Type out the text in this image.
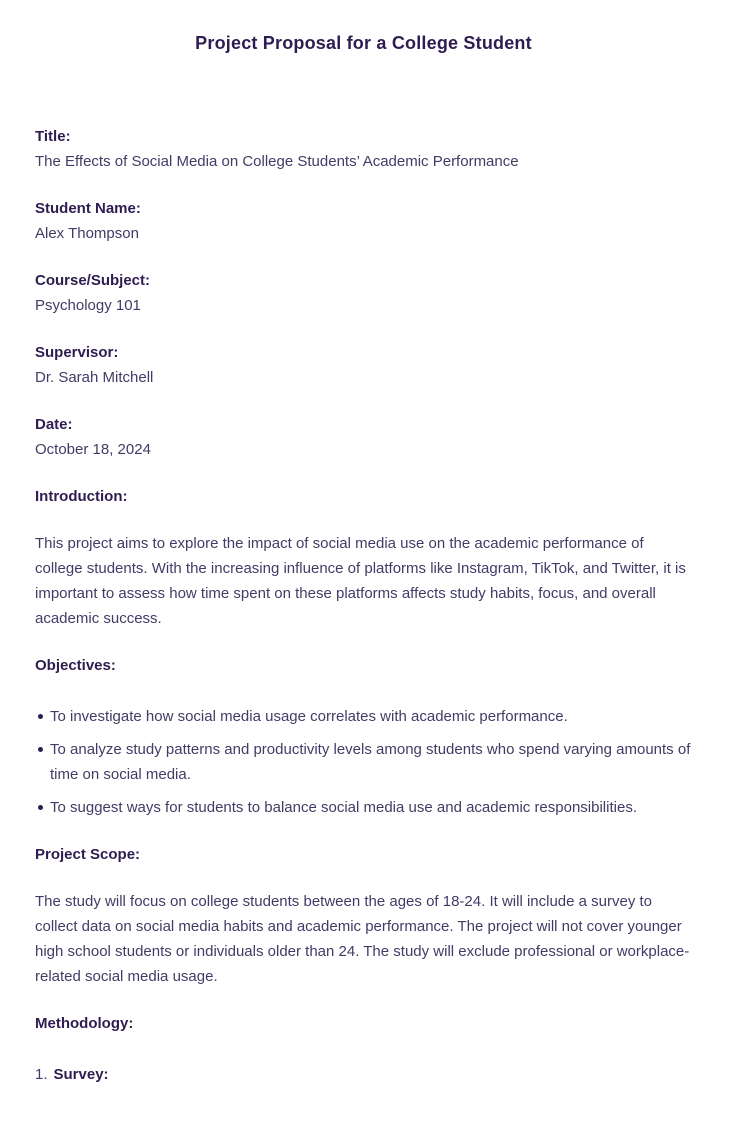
Project Proposal for a College Student

Title:

The Effects of Social Media on College Students’ Academic Performance

Student Name:

Alex Thompson

Course/Subject:

Psychology 101

Supervisor:

Dr. Sarah Mitchell

Date:

October 18, 2024

Introduction:

This project aims to explore the impact of social media use on the academic performance of college students. With the increasing influence of platforms like Instagram, TikTok, and Twitter, it is important to assess how time spent on these platforms affects study habits, focus, and overall academic success.

Objectives:

To investigate how social media usage correlates with academic performance.
To analyze study patterns and productivity levels among students who spend varying amounts of time on social media.
To suggest ways for students to balance social media use and academic responsibilities.

Project Scope:

The study will focus on college students between the ages of 18-24. It will include a survey to collect data on social media habits and academic performance. The project will not cover younger high school students or individuals older than 24. The study will exclude professional or workplace-related social media usage.

Methodology:

1. Survey:
